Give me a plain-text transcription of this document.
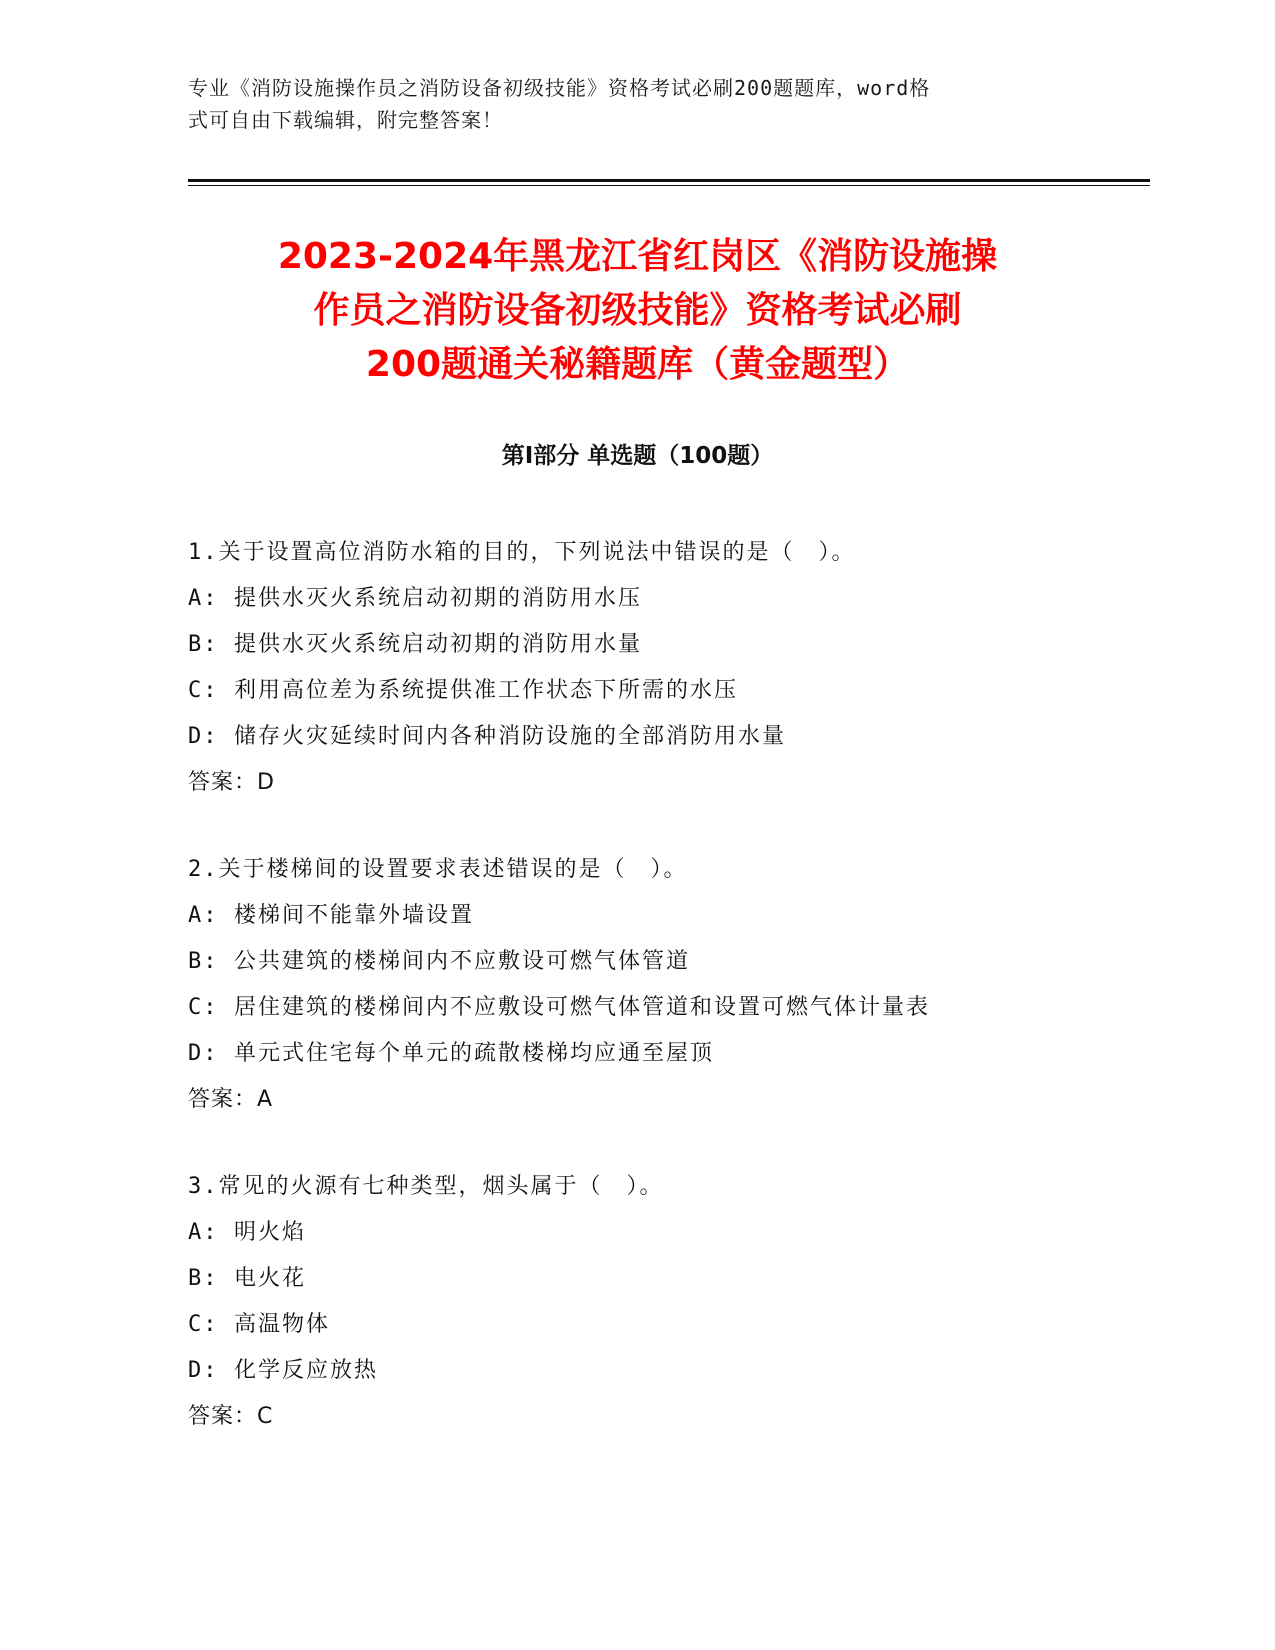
专业《消防设施操作员之消防设备初级技能》资格考试必刷200题题库，word格
式可自由下载编辑，附完整答案！
2023-2024年黑龙江省红岗区《消防设施操
作员之消防设备初级技能》资格考试必刷
200题通关秘籍题库（黄金题型）
第I部分 单选题（100题）

1.关于设置高位消防水箱的目的，下列说法中错误的是（　）。

A: 提供水灭火系统启动初期的消防用水压

B: 提供水灭火系统启动初期的消防用水量

C: 利用高位差为系统提供准工作状态下所需的水压

D: 储存火灾延续时间内各种消防设施的全部消防用水量

答案：D

2.关于楼梯间的设置要求表述错误的是（　）。

A: 楼梯间不能靠外墙设置

B: 公共建筑的楼梯间内不应敷设可燃气体管道

C: 居住建筑的楼梯间内不应敷设可燃气体管道和设置可燃气体计量表

D: 单元式住宅每个单元的疏散楼梯均应通至屋顶

答案：A

3.常见的火源有七种类型，烟头属于（　）。

A: 明火焰

B: 电火花

C: 高温物体

D: 化学反应放热

答案：C
